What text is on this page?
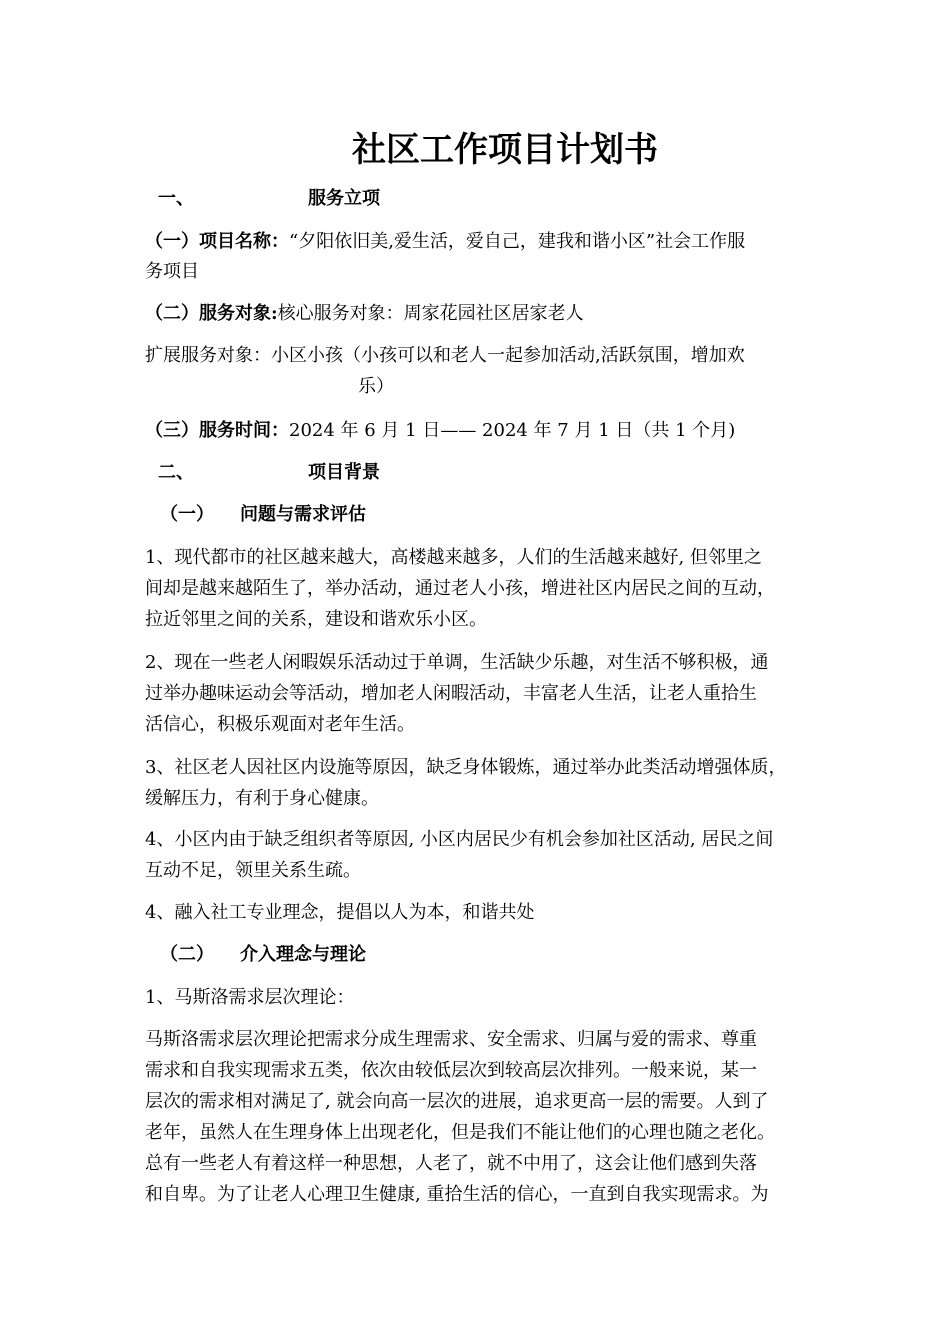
社区工作项目计划书
一、	服务立项
（一）项目名称：“夕阳依旧美,爱生活，爱自己，建我和谐小区”社会工作服
务项目
（二）服务对象:核心服务对象：周家花园社区居家老人
扩展服务对象：小区小孩（小孩可以和老人一起参加活动,活跃氛围，增加欢
乐）
（三）服务时间：2024 年 6 月 1 日—— 2024 年 7 月 1 日（共 1 个月)
二、	项目背景
（一） 问题与需求评估
1、现代都市的社区越来越大，高楼越来越多，人们的生活越来越好, 但邻里之
间却是越来越陌生了，举办活动，通过老人小孩，增进社区内居民之间的互动，
拉近邻里之间的关系，建设和谐欢乐小区。
2、现在一些老人闲暇娱乐活动过于单调，生活缺少乐趣，对生活不够积极，通
过举办趣味运动会等活动，增加老人闲暇活动，丰富老人生活，让老人重拾生
活信心，积极乐观面对老年生活。
3、社区老人因社区内设施等原因，缺乏身体锻炼，通过举办此类活动增强体质，
缓解压力，有利于身心健康。
4、小区内由于缺乏组织者等原因, 小区内居民少有机会参加社区活动, 居民之间
互动不足，领里关系生疏。
4、融入社工专业理念，提倡以人为本，和谐共处
（二） 介入理念与理论
1、马斯洛需求层次理论：
马斯洛需求层次理论把需求分成生理需求、安全需求、归属与爱的需求、尊重
需求和自我实现需求五类，依次由较低层次到较高层次排列。一般来说，某一
层次的需求相对满足了, 就会向高一层次的进展，追求更高一层的需要。人到了
老年，虽然人在生理身体上出现老化，但是我们不能让他们的心理也随之老化。
总有一些老人有着这样一种思想，人老了，就不中用了，这会让他们感到失落
和自卑。为了让老人心理卫生健康, 重拾生活的信心，一直到自我实现需求。为
